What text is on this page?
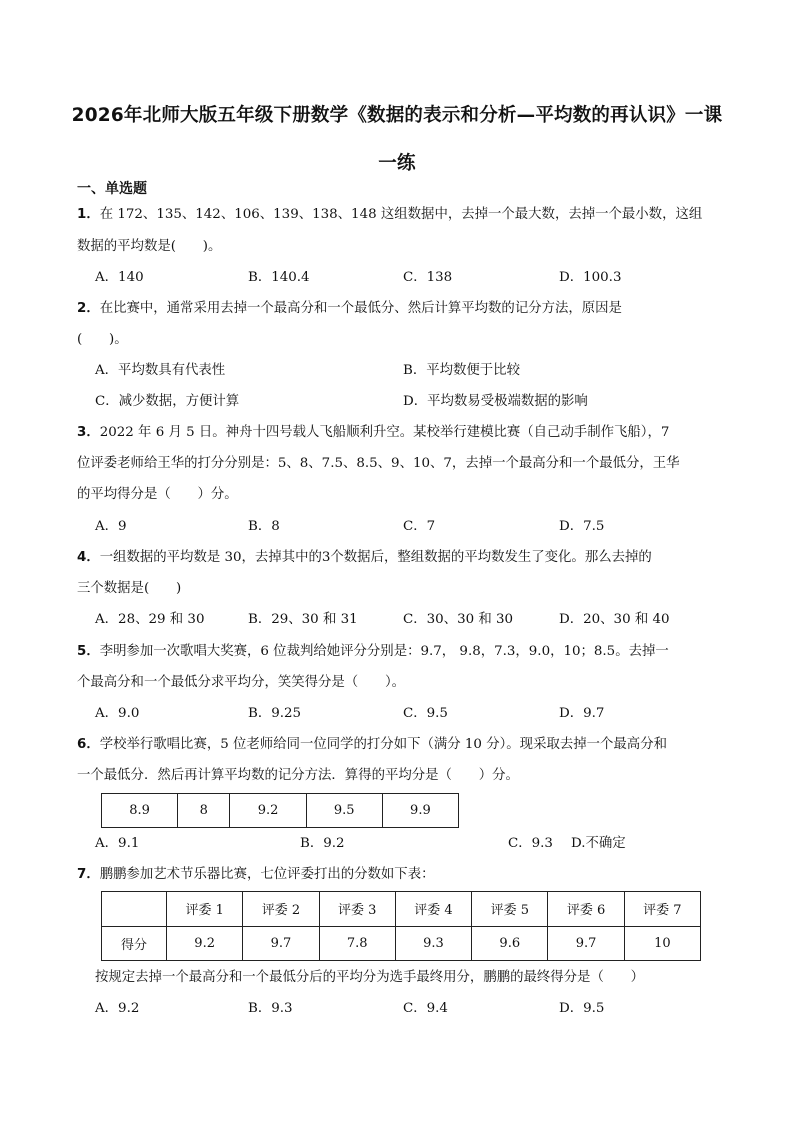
2026年北师大版五年级下册数学《数据的表示和分析—平均数的再认识》一课
一练
一、单选题
1．在 172、135、142、106、139、138、148 这组数据中，去掉一个最大数，去掉一个最小数，这组
数据的平均数是(　　)。
A．140	B．140.4	C．138	D．100.3
2．在比赛中，通常采用去掉一个最高分和一个最低分、然后计算平均数的记分方法，原因是
(　　)。
A．平均数具有代表性	B．平均数便于比较
C．减少数据，方便计算	D．平均数易受极端数据的影响
3．2022 年 6 月 5 日。神舟十四号载人飞船顺利升空。某校举行建模比赛（自己动手制作飞船），7
位评委老师给王华的打分分别是：5、8、7.5、8.5、9、10、7，去掉一个最高分和一个最低分，王华
的平均得分是（　　）分。
A．9	B．8	C．7	D．7.5
4．一组数据的平均数是 30，去掉其中的3个数据后，整组数据的平均数发生了变化。那么去掉的
三个数据是(　　)
A．28、29 和 30	B．29、30 和 31	C．30、30 和 30	D．20、30 和 40
5．李明参加一次歌唱大奖赛，6 位裁判给她评分分别是：9.7， 9.8，7.3，9.0，10；8.5。去掉一
个最高分和一个最低分求平均分，笑笑得分是（　　）。
A．9.0	B．9.25	C．9.5	D．9.7
6．学校举行歌唱比赛，5 位老师给同一位同学的打分如下（满分 10 分）。现采取去掉一个最高分和
一个最低分．然后再计算平均数的记分方法．算得的平均分是（　　）分。
8.9	8	9.2	9.5	9.9
A．9.1	B．9.2	C．9.3 D.不确定
7．鹏鹏参加艺术节乐器比赛，七位评委打出的分数如下表：
	评委 1	评委 2	评委 3	评委 4	评委 5	评委 6	评委 7
得分	9.2	9.7	7.8	9.3	9.6	9.7	10
按规定去掉一个最高分和一个最低分后的平均分为选手最终用分，鹏鹏的最终得分是（　　）
A．9.2	B．9.3	C．9.4	D．9.5
